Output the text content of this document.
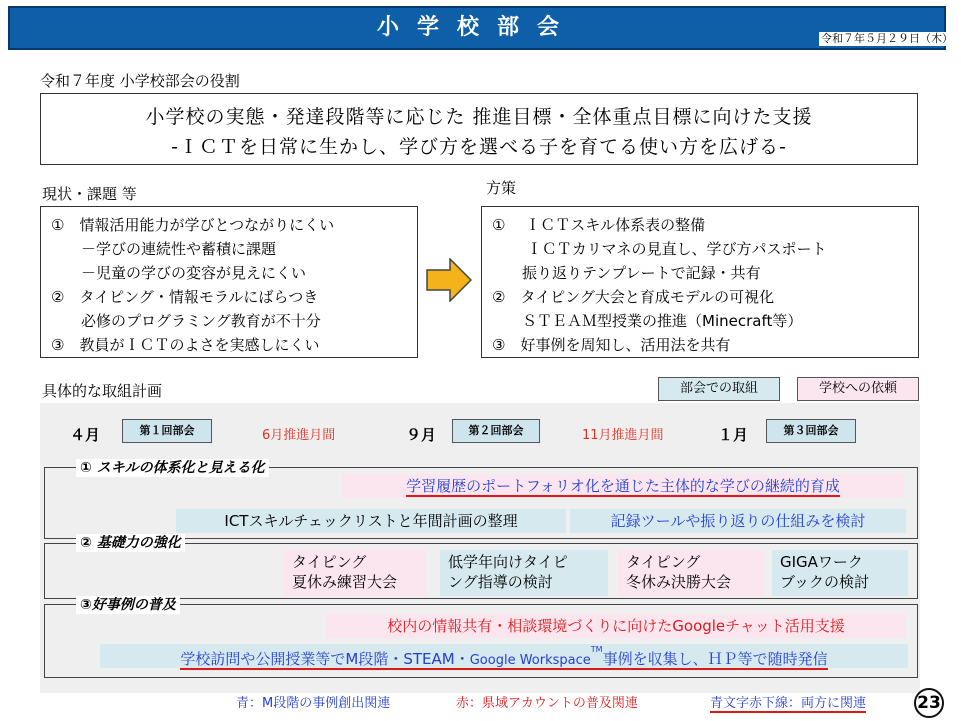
小学校部会	令和７年５月２９日（木）
令和７年度 小学校部会の役割
小学校の実態・発達段階等に応じた 推進目標・全体重点目標に向けた支援
-ＩＣＴを日常に生かし、学び方を選べる子を育てる使い方を広げる-
現状・課題 等
①　情報活用能力が学びとつながりにくい
　　－学びの連続性や蓄積に課題
　　－児童の学びの変容が見えにくい
②　タイピング・情報モラルにばらつき
　　必修のプログラミング教育が不十分
③　教員がＩＣＴのよさを実感しにくい
方策
①　 ＩＣＴスキル体系表の整備
　　 ＩＣＴカリマネの見直し、学び方パスポート
　　振り返りテンプレートで記録・共有
②　タイピング大会と育成モデルの可視化
　　ＳＴＥＡＭ型授業の推進（Minecraft等）
③　好事例を周知し、活用法を共有
具体的な取組計画	部会での取組	学校への依頼
４月	第１回部会	6月推進月間	９月	第２回部会	11月推進月間	１月	第３回部会
① スキルの体系化と見える化
学習履歴のポートフォリオ化を通じた主体的な学びの継続的育成
ICTスキルチェックリストと年間計画の整理	記録ツールや振り返りの仕組みを検討
② 基礎力の強化
タイピング
夏休み練習大会
低学年向けタイピ
ング指導の検討
タイピング
冬休み決勝大会
GIGAワーク
ブックの検討
③好事例の普及
校内の情報共有・相談環境づくりに向けたGoogleチャット活用支援
学校訪問や公開授業等でM段階・STEAM・Google Workspace™事例を収集し、ＨＰ等で随時発信
青：M段階の事例創出関連	赤：県域アカウントの普及関連	青文字赤下線：両方に関連	23
